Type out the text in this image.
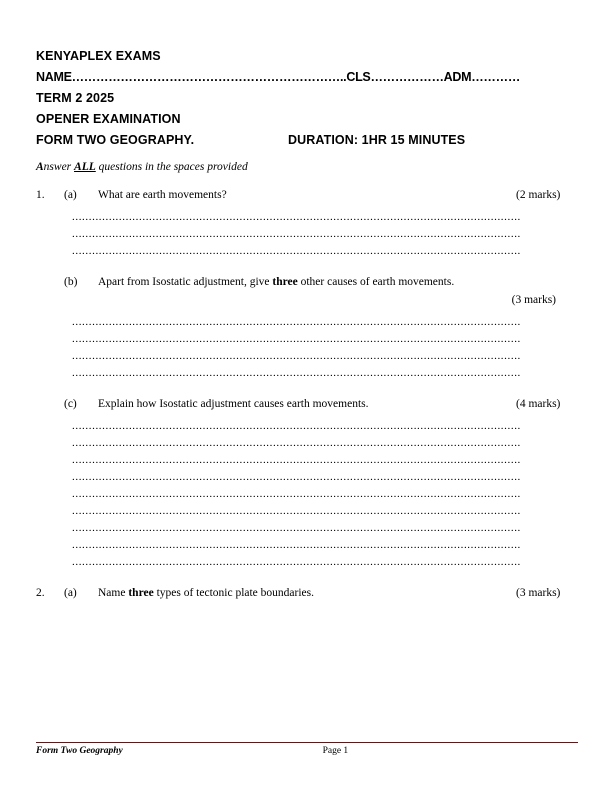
KENYAPLEX EXAMS
NAME…………………………………………………………..CLS………………ADM…………
TERM 2 2025
OPENER EXAMINATION
FORM TWO GEOGRAPHY.	DURATION: 1HR 15 MINUTES
Answer ALL questions in the spaces provided
1.	(a)	What are earth movements?	(2 marks)
......................................................................................................................................
......................................................................................................................................
......................................................................................................................................
(b)	Apart from Isostatic adjustment, give three other causes of earth movements.
(3 marks)
......................................................................................................................................
......................................................................................................................................
......................................................................................................................................
......................................................................................................................................
(c)	Explain how Isostatic adjustment causes earth movements.	(4 marks)
......................................................................................................................................
......................................................................................................................................
......................................................................................................................................
......................................................................................................................................
......................................................................................................................................
......................................................................................................................................
......................................................................................................................................
......................................................................................................................................
......................................................................................................................................
2.	(a)	Name three types of tectonic plate boundaries.	(3 marks)
Form Two Geography	Page 1
